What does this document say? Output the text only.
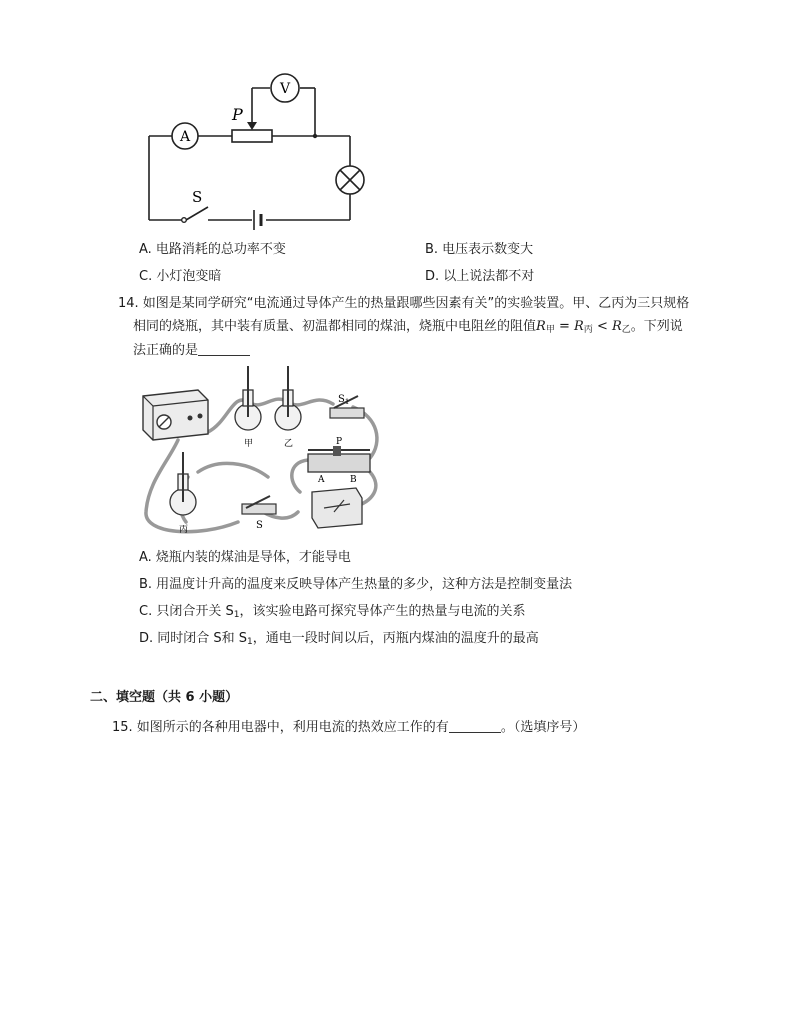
A
V
P
S
A. 电路消耗的总功率不变	B. 电压表示数变大
C. 小灯泡变暗	D. 以上说法都不对
14. 如图是某同学研究“电流通过导体产生的热量跟哪些因素有关”的实验装置。甲、乙丙为三只规格
相同的烧瓶，其中装有质量、初温都相同的煤油，烧瓶中电阻丝的阻值$R_甲 = R_丙 < R_乙$。下列说
法正确的是
甲	乙
丙
$S_1$
S
P
A	B
A. 烧瓶内装的煤油是导体，才能导电
B. 用温度计升高的温度来反映导体产生热量的多少，这种方法是控制变量法
C. 只闭合开关 $S_1$，该实验电路可探究导体产生的热量与电流的关系
D. 同时闭合 S和 $S_1$，通电一段时间以后，丙瓶内煤油的温度升的最高
二、填空题（共 6 小题）
15. 如图所示的各种用电器中，利用电流的热效应工作的有	。（选填序号）
